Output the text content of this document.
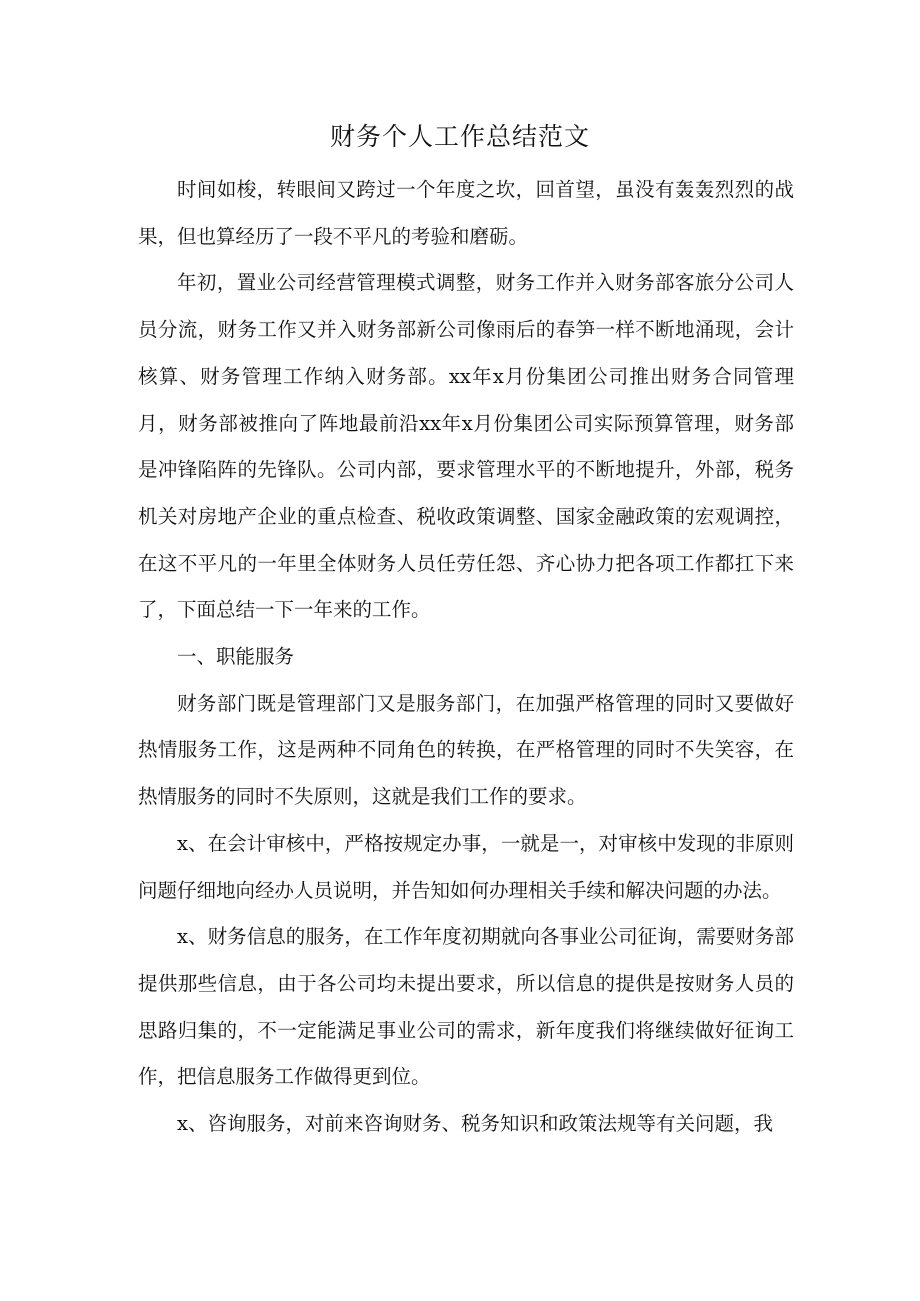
财务个人工作总结范文

时间如梭，转眼间又跨过一个年度之坎，回首望，虽没有轰轰烈烈的战果，但也算经历了一段不平凡的考验和磨砺。

年初，置业公司经营管理模式调整，财务工作并入财务部客旅分公司人员分流，财务工作又并入财务部新公司像雨后的春笋一样不断地涌现，会计核算、财务管理工作纳入财务部。xx年x月份集团公司推出财务合同管理月，财务部被推向了阵地最前沿xx年x月份集团公司实际预算管理，财务部是冲锋陷阵的先锋队。公司内部，要求管理水平的不断地提升，外部，税务机关对房地产企业的重点检查、税收政策调整、国家金融政策的宏观调控，在这不平凡的一年里全体财务人员任劳任怨、齐心协力把各项工作都扛下来了，下面总结一下一年来的工作。

一、职能服务

财务部门既是管理部门又是服务部门，在加强严格管理的同时又要做好热情服务工作，这是两种不同角色的转换，在严格管理的同时不失笑容，在热情服务的同时不失原则，这就是我们工作的要求。

x、在会计审核中，严格按规定办事，一就是一，对审核中发现的非原则问题仔细地向经办人员说明，并告知如何办理相关手续和解决问题的办法。

x、财务信息的服务，在工作年度初期就向各事业公司征询，需要财务部提供那些信息，由于各公司均未提出要求，所以信息的提供是按财务人员的思路归集的，不一定能满足事业公司的需求，新年度我们将继续做好征询工作，把信息服务工作做得更到位。

x、咨询服务，对前来咨询财务、税务知识和政策法规等有关问题，我
